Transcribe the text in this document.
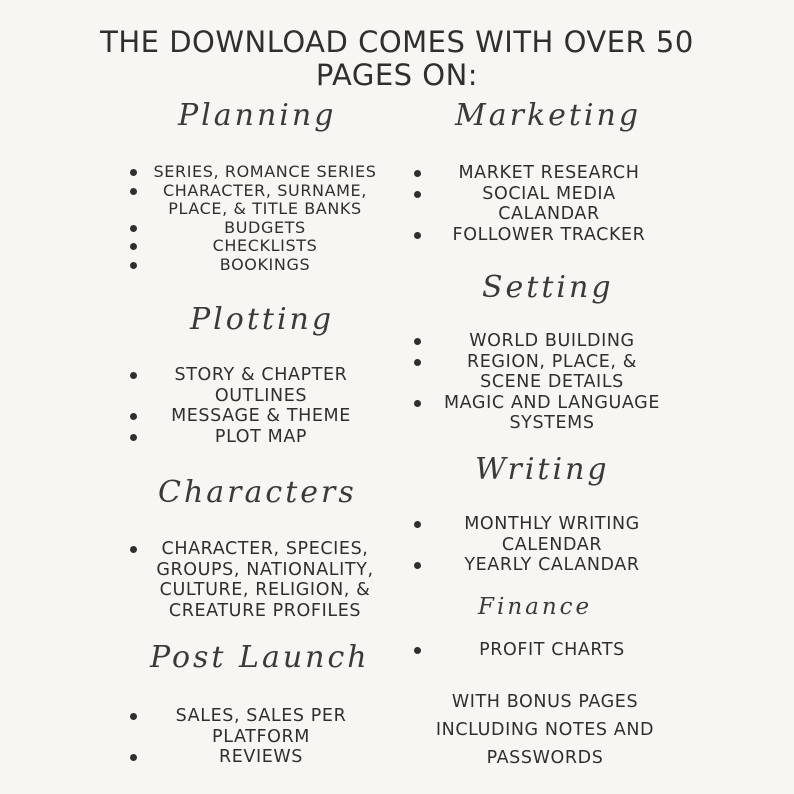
THE DOWNLOAD COMES WITH OVER 50
PAGES ON:
Planning
SERIES, ROMANCE SERIES
CHARACTER, SURNAME, PLACE, & TITLE BANKS
BUDGETS
CHECKLISTS
BOOKINGS
Plotting
STORY & CHAPTER OUTLINES
MESSAGE & THEME
PLOT MAP
Characters
CHARACTER, SPECIES, GROUPS, NATIONALITY, CULTURE, RELIGION, & CREATURE PROFILES
Post Launch
SALES, SALES PER PLATFORM
REVIEWS
Marketing
MARKET RESEARCH
SOCIAL MEDIA CALANDAR
FOLLOWER TRACKER
Setting
WORLD BUILDING
REGION, PLACE, & SCENE DETAILS
MAGIC AND LANGUAGE SYSTEMS
Writing
MONTHLY WRITING CALENDAR
YEARLY CALANDAR
Finance
PROFIT CHARTS
WITH BONUS PAGES
INCLUDING NOTES AND
PASSWORDS
